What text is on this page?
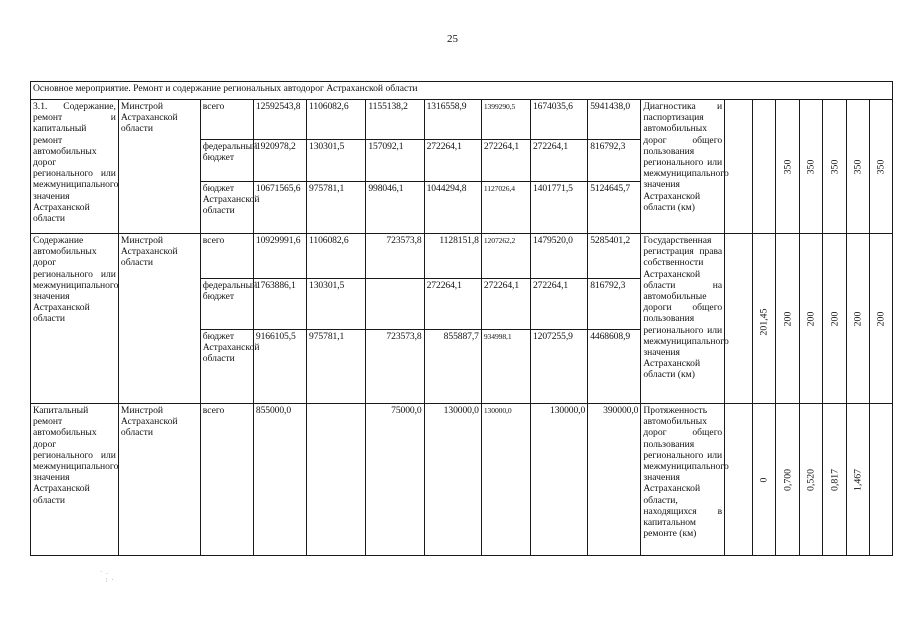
25
Основное мероприятие. Ремонт и содержание региональных автодорог Астраханской области																	
3.1. Содержание, ремонт и капитальный ремонт автомобильных дорог регионального или межмуниципального значения Астраханской области	Минстрой Астраханской области	всего	12592543,8	1106082,6	1155138,2	1316558,9	1399290,5	1674035,6	5941438,0	Диагностика и паспортизация автомобильных дорог общего пользования регионального или межмуниципального значения Астраханской области (км)			350	350	350	350	350

		федеральный бюджет	1920978,2	130301,5	157092,1	272264,1	272264,1	272264,1	816792,3								
		бюджет Астраханской области	10671565,6	975781,1	998046,1	1044294,8	1127026,4	1401771,5	5124645,7								
Содержание автомобильных дорог регионального или межмуниципального значения Астраханской области	Минстрой Астраханской области	всего	10929991,6	1106082,6	723573,8	1128151,8	1207262,2	1479520,0	5285401,2	Государственная регистрация права собственности Астраханской области на автомобильные дороги общего пользования регионального или межмуниципального значения Астраханской области (км)		201,45	200	200	200	200	200

		федеральный бюджет	1763886,1	130301,5		272264,1	272264,1	272264,1	816792,3								
		бюджет Астраханской области	9166105,5	975781,1	723573,8	855887,7	934998,1	1207255,9	4468608,9								
Капитальный ремонт автомобильных дорог регионального или межмуниципального значения Астраханской области	Минстрой Астраханской области	всего	855000,0		75000,0	130000,0	130000,0	130000,0	390000,0	Протяженность автомобильных дорог общего пользования регионального или межмуниципального значения Астраханской области, находящихся в капитальном ремонте (км)		0	0,700	0,520	0,817	1,467	

· .
: ·
